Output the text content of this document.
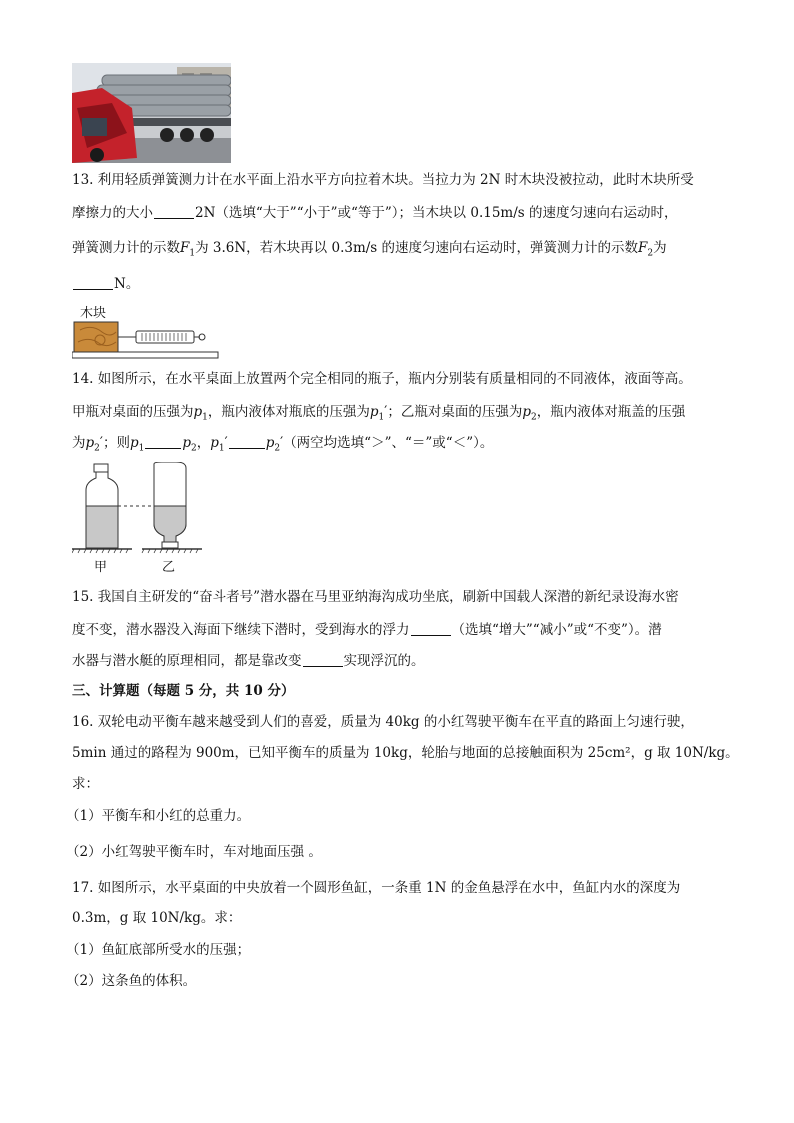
13. 利用轻质弹簧测力计在水平面上沿水平方向拉着木块。当拉力为 2N 时木块没被拉动，此时木块所受
摩擦力的大小	2N（选填“大于”“小于”或“等于”）；当木块以 0.15m/s 的速度匀速向右运动时，
弹簧测力计的示数$F_1$为 3.6N，若木块再以 0.3m/s 的速度匀速向右运动时，弹簧测力计的示数$F_2$为
N。
木块
14. 如图所示，在水平桌面上放置两个完全相同的瓶子，瓶内分别装有质量相同的不同液体，液面等高。
甲瓶对桌面的压强为$p_1$，瓶内液体对瓶底的压强为$p_1'$；乙瓶对桌面的压强为$p_2$，瓶内液体对瓶盖的压强
为$p_2'$；则$p_1$	$p_2$，$p_1'$	$p_2'$（两空均选填“＞”、“＝”或“＜”）。
甲	乙
15. 我国自主研发的“奋斗者号”潜水器在马里亚纳海沟成功坐底，刷新中国载人深潜的新纪录设海水密
度不变，潜水器没入海面下继续下潜时，受到海水的浮力	（选填“增大”“减小”或“不变”）。潜
水器与潜水艇的原理相同，都是靠改变	实现浮沉的。
三、计算题（每题 5 分，共 10 分）
16. 双轮电动平衡车越来越受到人们的喜爱，质量为 40kg 的小红驾驶平衡车在平直的路面上匀速行驶，
5min 通过的路程为 900m，已知平衡车的质量为 10kg，轮胎与地面的总接触面积为 25cm²，g 取 10N/kg。
求：
（1）平衡车和小红的总重力。
（2）小红驾驶平衡车时，车对地面压强 。
17. 如图所示，水平桌面的中央放着一个圆形鱼缸，一条重 1N 的金鱼悬浮在水中，鱼缸内水的深度为
0.3m，g 取 10N/kg。求：
（1）鱼缸底部所受水的压强；
（2）这条鱼的体积。
